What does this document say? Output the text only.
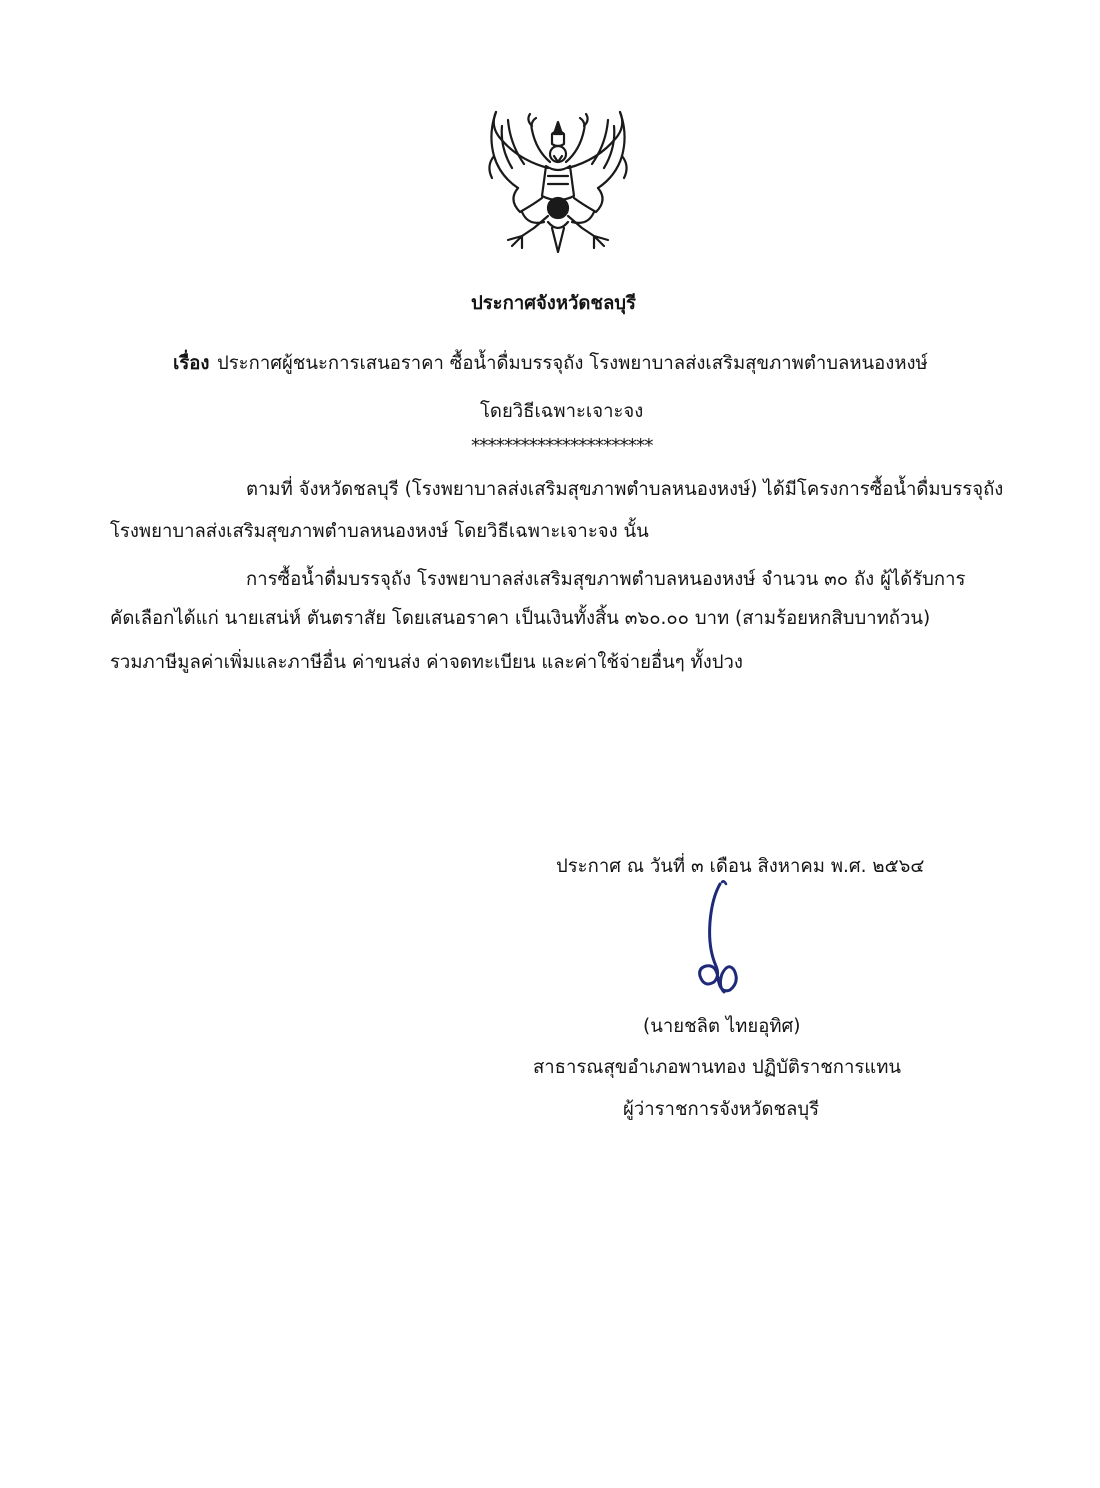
ประกาศจังหวัดชลบุรี
เรื่อง ประกาศผู้ชนะการเสนอราคา ซื้อน้ำดื่มบรรจุถัง โรงพยาบาลส่งเสริมสุขภาพตำบลหนองหงษ์
โดยวิธีเฉพาะเจาะจง
**********************
ตามที่ จังหวัดชลบุรี (โรงพยาบาลส่งเสริมสุขภาพตำบลหนองหงษ์) ได้มีโครงการซื้อน้ำดื่มบรรจุถัง
โรงพยาบาลส่งเสริมสุขภาพตำบลหนองหงษ์ โดยวิธีเฉพาะเจาะจง นั้น
การซื้อน้ำดื่มบรรจุถัง โรงพยาบาลส่งเสริมสุขภาพตำบลหนองหงษ์ จำนวน ๓๐ ถัง ผู้ได้รับการ
คัดเลือกได้แก่ นายเสน่ห์ ตันตราสัย โดยเสนอราคา เป็นเงินทั้งสิ้น ๓๖๐.๐๐ บาท (สามร้อยหกสิบบาทถ้วน)
รวมภาษีมูลค่าเพิ่มและภาษีอื่น ค่าขนส่ง ค่าจดทะเบียน และค่าใช้จ่ายอื่นๆ ทั้งปวง
ประกาศ ณ วันที่ ๓ เดือน สิงหาคม พ.ศ. ๒๕๖๔
(นายชลิต ไทยอุทิศ)
สาธารณสุขอำเภอพานทอง ปฏิบัติราชการแทน
ผู้ว่าราชการจังหวัดชลบุรี
